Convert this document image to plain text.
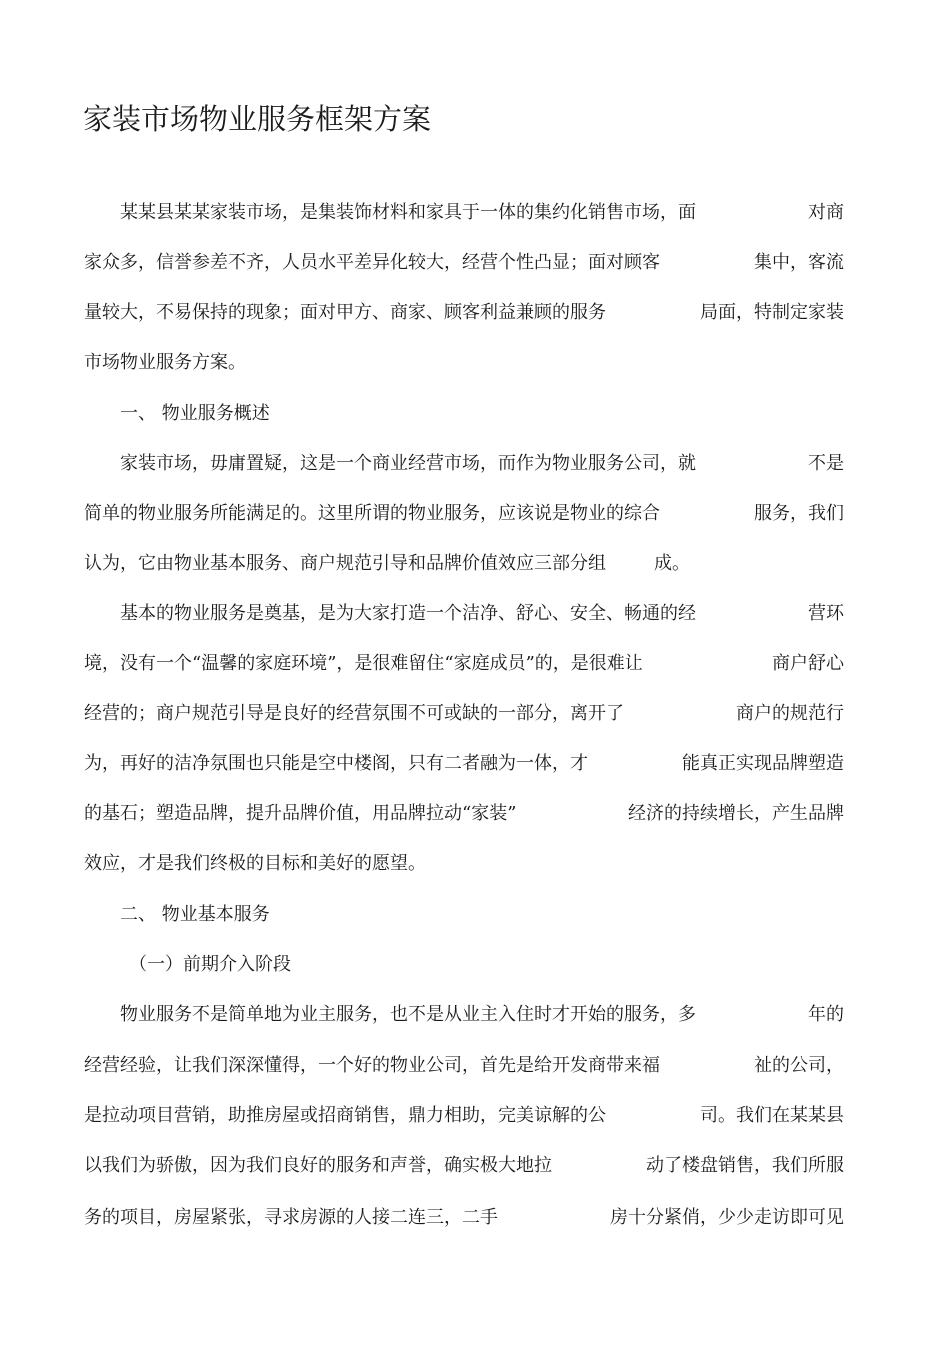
家装市场物业服务框架方案
　　某某县某某家装市场，是集装饰材料和家具于一体的集约化销售市场，面	对商
家众多，信誉参差不齐，人员水平差异化较大，经营个性凸显；面对顾客	集中，客流
量较大，不易保持的现象；面对甲方、商家、顾客利益兼顾的服务	局面，特制定家装
市场物业服务方案。
　　一、 物业服务概述
　　家装市场，毋庸置疑，这是一个商业经营市场，而作为物业服务公司，就	不是
简单的物业服务所能满足的。这里所谓的物业服务，应该说是物业的综合	服务，我们
认为，它由物业基本服务、商户规范引导和品牌价值效应三部分组	成。
　　基本的物业服务是奠基，是为大家打造一个洁净、舒心、安全、畅通的经	营环
境，没有一个“温馨的家庭环境”，是很难留住“家庭成员”的，是很难让	商户舒心
经营的；商户规范引导是良好的经营氛围不可或缺的一部分，离开了	商户的规范行
为，再好的洁净氛围也只能是空中楼阁，只有二者融为一体，才	能真正实现品牌塑造
的基石；塑造品牌，提升品牌价值，用品牌拉动“家装”	经济的持续增长，产生品牌
效应，才是我们终极的目标和美好的愿望。
　　二、 物业基本服务
　　　（一）前期介入阶段
　　物业服务不是简单地为业主服务，也不是从业主入住时才开始的服务，多	年的
经营经验，让我们深深懂得，一个好的物业公司，首先是给开发商带来福	祉的公司，
是拉动项目营销，助推房屋或招商销售，鼎力相助，完美谅解的公	司。我们在某某县
以我们为骄傲，因为我们良好的服务和声誉，确实极大地拉	动了楼盘销售，我们所服
务的项目，房屋紧张，寻求房源的人接二连三，二手	房十分紧俏，少少走访即可见
